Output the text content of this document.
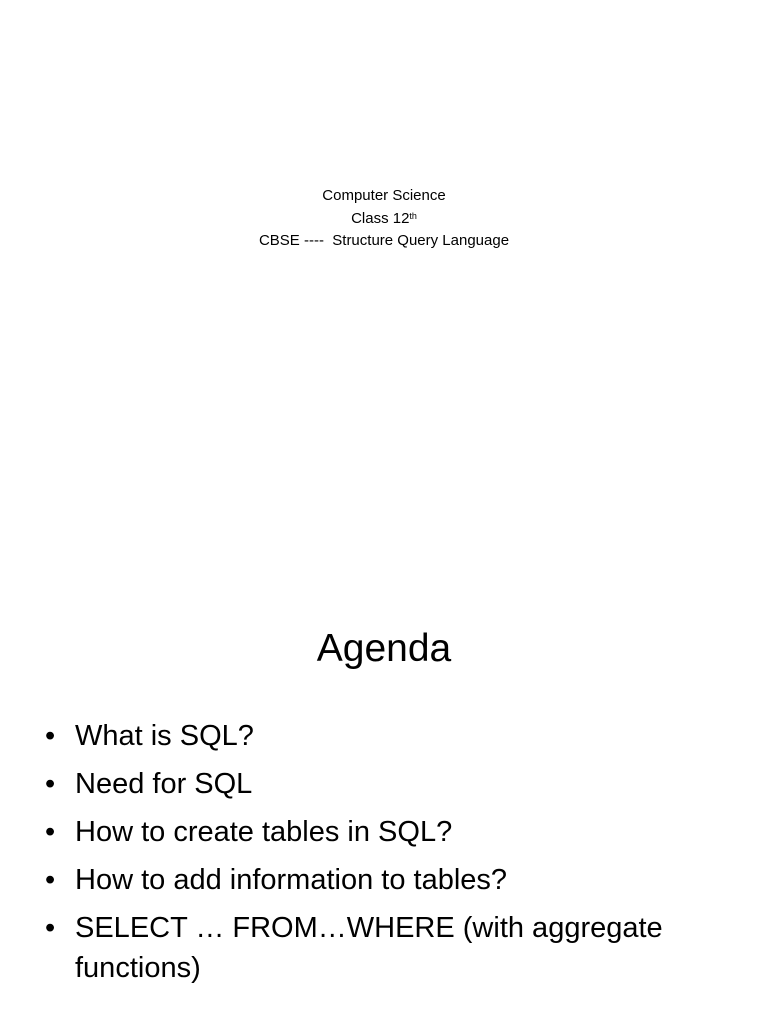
Computer Science
Class 12th
CBSE ----  Structure Query Language
Agenda
• What is SQL?
• Need for SQL
• How to create tables in SQL?
• How to add information to tables?
• SELECT … FROM…WHERE (with aggregate functions)
